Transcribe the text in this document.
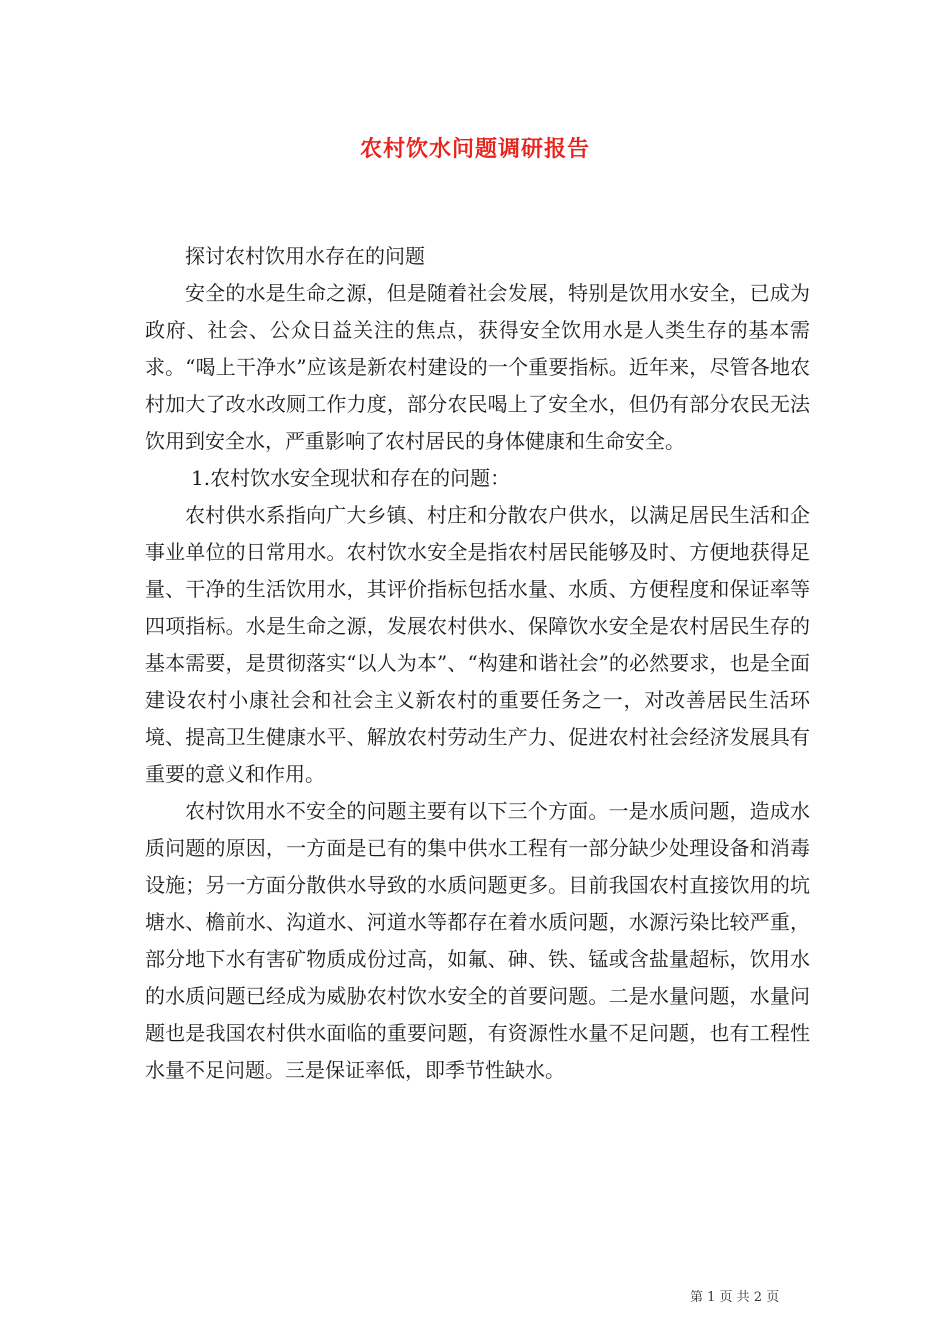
农村饮水问题调研报告

探讨农村饮用水存在的问题

安全的水是生命之源，但是随着社会发展，特别是饮用水安全，已成为政府、社会、公众日益关注的焦点，获得安全饮用水是人类生存的基本需求。“喝上干净水”应该是新农村建设的一个重要指标。近年来，尽管各地农村加大了改水改厕工作力度，部分农民喝上了安全水，但仍有部分农民无法饮用到安全水，严重影响了农村居民的身体健康和生命安全。

1.农村饮水安全现状和存在的问题：

农村供水系指向广大乡镇、村庄和分散农户供水，以满足居民生活和企事业单位的日常用水。农村饮水安全是指农村居民能够及时、方便地获得足量、干净的生活饮用水，其评价指标包括水量、水质、方便程度和保证率等四项指标。水是生命之源，发展农村供水、保障饮水安全是农村居民生存的基本需要，是贯彻落实“以人为本”、“构建和谐社会”的必然要求，也是全面建设农村小康社会和社会主义新农村的重要任务之一，对改善居民生活环境、提高卫生健康水平、解放农村劳动生产力、促进农村社会经济发展具有重要的意义和作用。

农村饮用水不安全的问题主要有以下三个方面。一是水质问题，造成水质问题的原因，一方面是已有的集中供水工程有一部分缺少处理设备和消毒设施；另一方面分散供水导致的水质问题更多。目前我国农村直接饮用的坑塘水、檐前水、沟道水、河道水等都存在着水质问题，水源污染比较严重，部分地下水有害矿物质成份过高，如氟、砷、铁、锰或含盐量超标，饮用水的水质问题已经成为威胁农村饮水安全的首要问题。二是水量问题，水量问题也是我国农村供水面临的重要问题，有资源性水量不足问题，也有工程性水量不足问题。三是保证率低，即季节性缺水。

第 1 页 共 2 页
